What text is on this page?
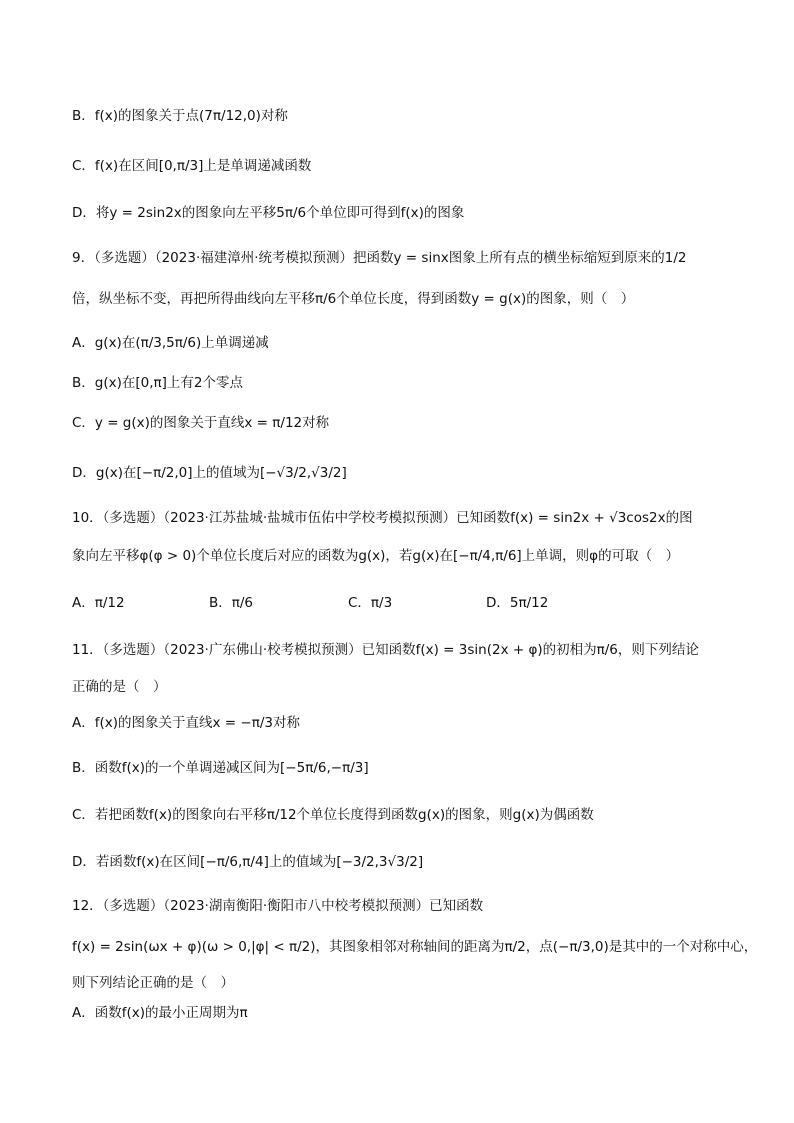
B．f(x)的图象关于点(7π/12,0)对称
C．f(x)在区间[0,π/3]上是单调递减函数
D．将y = 2sin2x的图象向左平移5π/6个单位即可得到f(x)的图象
9．（多选题）（2023·福建漳州·统考模拟预测）把函数y = sinx图象上所有点的横坐标缩短到原来的1/2
倍，纵坐标不变，再把所得曲线向左平移π/6个单位长度，得到函数y = g(x)的图象，则（　）
A．g(x)在(π/3,5π/6)上单调递减
B．g(x)在[0,π]上有2个零点
C．y = g(x)的图象关于直线x = π/12对称
D．g(x)在[−π/2,0]上的值域为[−√3/2,√3/2]
10．（多选题）（2023·江苏盐城·盐城市伍佑中学校考模拟预测）已知函数f(x) = sin2x + √3cos2x的图
象向左平移φ(φ > 0)个单位长度后对应的函数为g(x)，若g(x)在[−π/4,π/6]上单调，则φ的可取（　）
A．π/12	B．π/6	C．π/3	D．5π/12
11．（多选题）（2023·广东佛山·校考模拟预测）已知函数f(x) = 3sin(2x + φ)的初相为π/6，则下列结论
正确的是（　）
A．f(x)的图象关于直线x = −π/3对称
B．函数f(x)的一个单调递减区间为[−5π/6,−π/3]
C．若把函数f(x)的图象向右平移π/12个单位长度得到函数g(x)的图象，则g(x)为偶函数
D．若函数f(x)在区间[−π/6,π/4]上的值域为[−3/2,3√3/2]
12．（多选题）（2023·湖南衡阳·衡阳市八中校考模拟预测）已知函数
f(x) = 2sin(ωx + φ)(ω > 0,|φ| < π/2)，其图象相邻对称轴间的距离为π/2，点(−π/3,0)是其中的一个对称中心，
则下列结论正确的是（　）
A．函数f(x)的最小正周期为π
